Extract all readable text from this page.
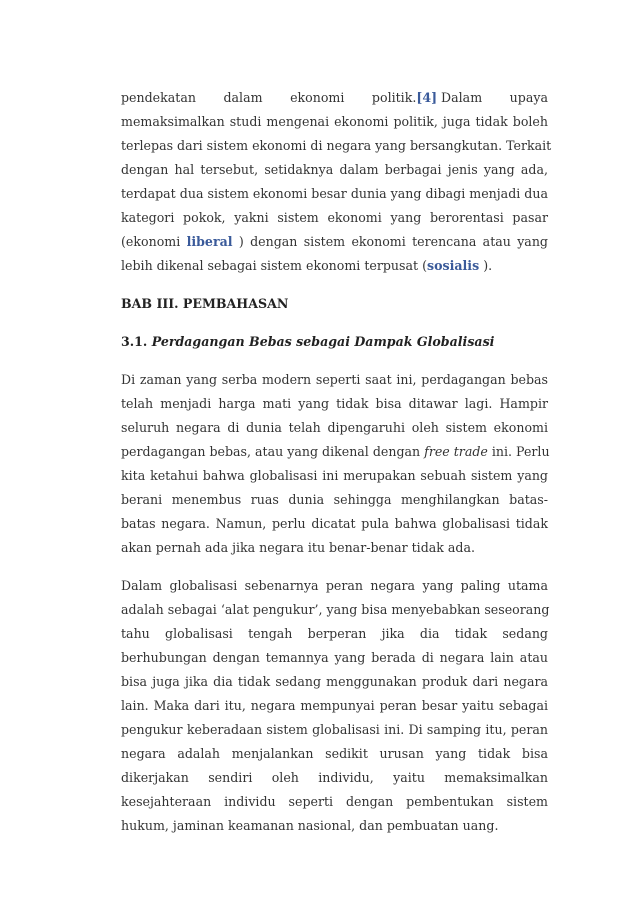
pendekatan dalam ekonomi politik.[4] Dalam upaya
memaksimalkan studi mengenai ekonomi politik, juga tidak boleh
terlepas dari sistem ekonomi di negara yang bersangkutan. Terkait
dengan hal tersebut, setidaknya dalam berbagai jenis yang ada,
terdapat dua sistem ekonomi besar dunia yang dibagi menjadi dua
kategori pokok, yakni sistem ekonomi yang berorentasi pasar
(ekonomi liberal ) dengan sistem ekonomi terencana atau yang
lebih dikenal sebagai sistem ekonomi terpusat (sosialis ).
BAB III. PEMBAHASAN
3.1. Perdagangan Bebas sebagai Dampak Globalisasi
Di zaman yang serba modern seperti saat ini, perdagangan bebas
telah menjadi harga mati yang tidak bisa ditawar lagi. Hampir
seluruh negara di dunia telah dipengaruhi oleh sistem ekonomi
perdagangan bebas, atau yang dikenal dengan free trade ini. Perlu
kita ketahui bahwa globalisasi ini merupakan sebuah sistem yang
berani menembus ruas dunia sehingga menghilangkan batas-
batas negara. Namun, perlu dicatat pula bahwa globalisasi tidak
akan pernah ada jika negara itu benar-benar tidak ada.
Dalam globalisasi sebenarnya peran negara yang paling utama
adalah sebagai ‘alat pengukur’, yang bisa menyebabkan seseorang
tahu globalisasi tengah berperan jika dia tidak sedang
berhubungan dengan temannya yang berada di negara lain atau
bisa juga jika dia tidak sedang menggunakan produk dari negara
lain. Maka dari itu, negara mempunyai peran besar yaitu sebagai
pengukur keberadaan sistem globalisasi ini. Di samping itu, peran
negara adalah menjalankan sedikit urusan yang tidak bisa
dikerjakan sendiri oleh individu, yaitu memaksimalkan
kesejahteraan individu seperti dengan pembentukan sistem
hukum, jaminan keamanan nasional, dan pembuatan uang.
